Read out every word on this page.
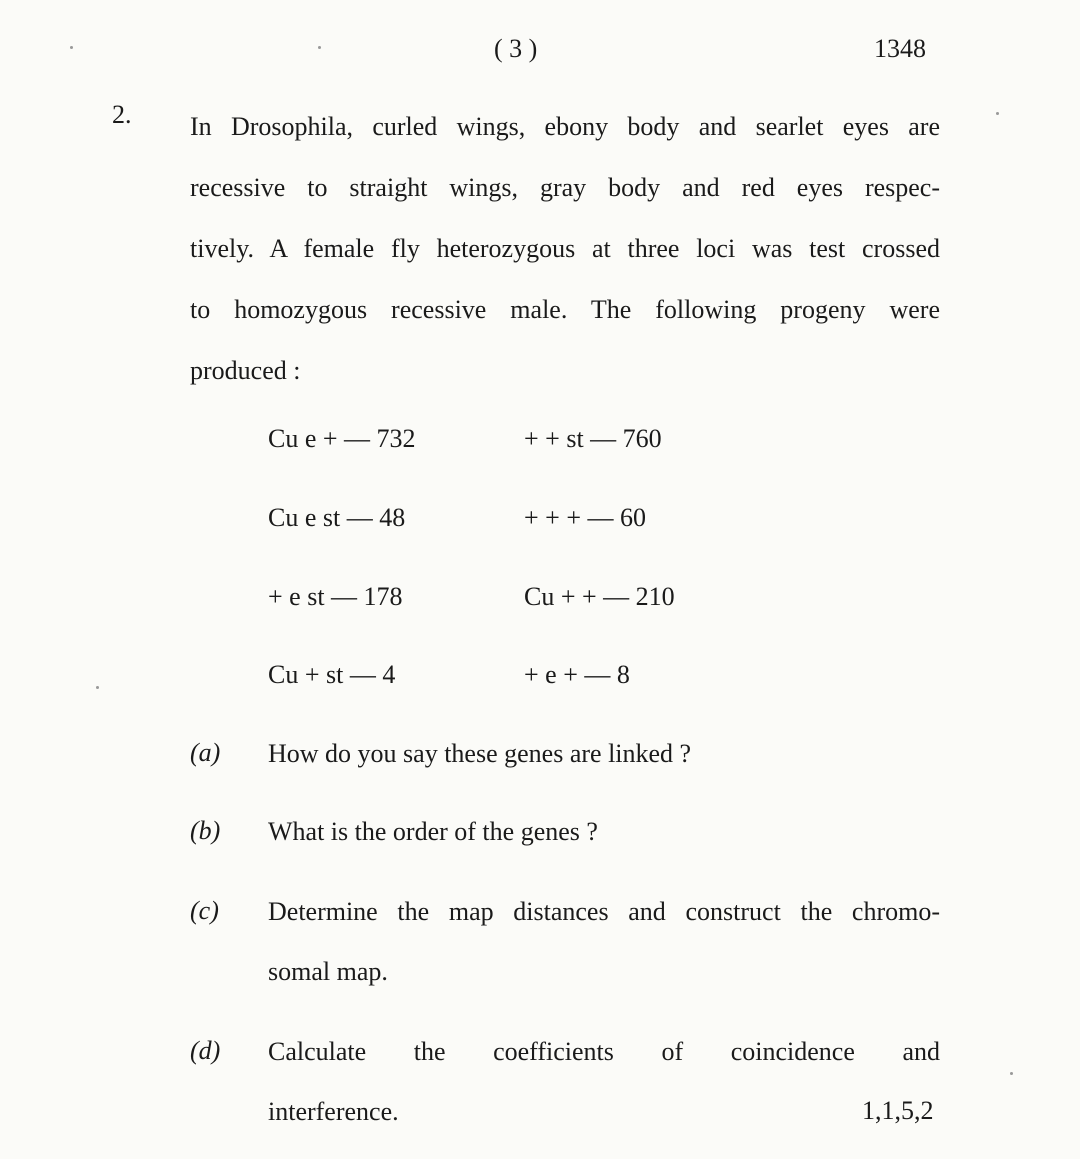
( 3 )	1348
2. In Drosophila, curled wings, ebony body and searlet eyes are
recessive to straight wings, gray body and red eyes respec-
tively. A female fly heterozygous at three loci was test crossed
to homozygous recessive male. The following progeny were
produced :
Cu e + — 732	+ + st — 760
Cu e st — 48	+ + + — 60
+ e st — 178	Cu + + — 210
Cu + st — 4	+ e + — 8
(a) How do you say these genes are linked ?
(b) What is the order of the genes ?
(c) Determine the map distances and construct the chromo-
somal map.
(d) Calculate the coefficients of coincidence and
interference.	1,1,5,2
